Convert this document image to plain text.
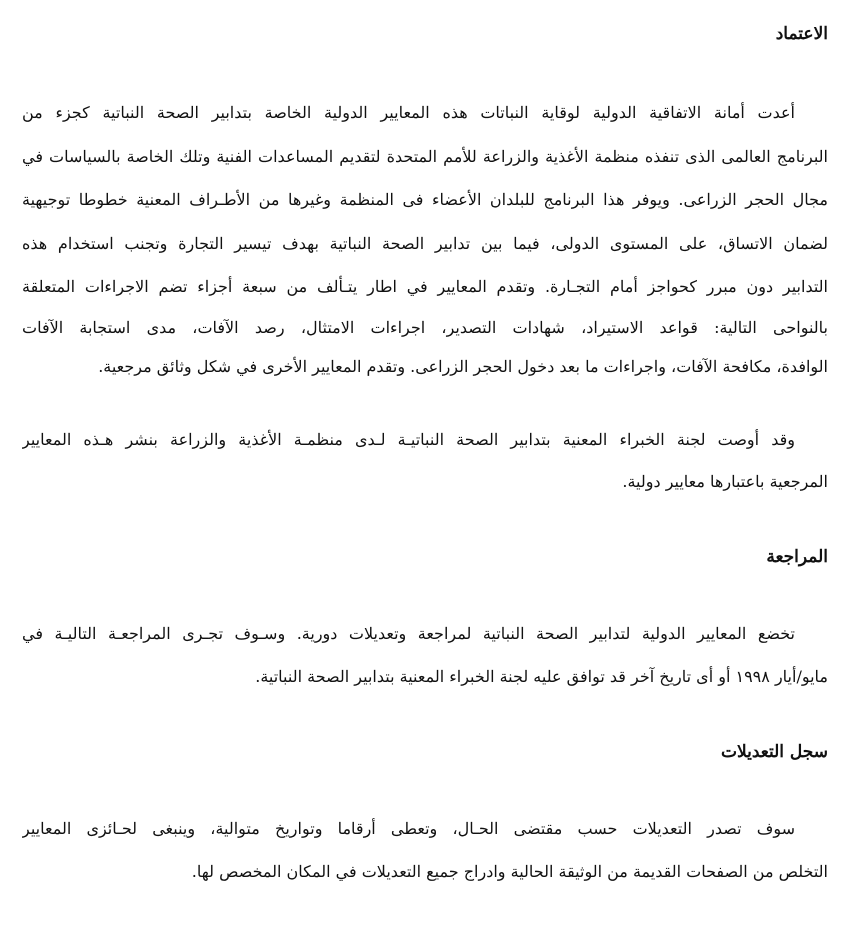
الاعتماد
أعدت أمانة الاتفاقية الدولية لوقاية النباتات هذه المعايير الدولية الخاصة بتدابير الصحة النباتية كجزء من
البرنامج العالمى الذى تنفذه منظمة الأغذية والزراعة للأمم المتحدة لتقديم المساعدات الفنية وتلك الخاصة بالسياسات في
مجال الحجر الزراعى. ويوفر هذا البرنامج للبلدان الأعضاء فى المنظمة وغيرها من الأطـراف المعنية خطوطا توجيهية
لضمان الاتساق، على المستوى الدولى، فيما بين تدابير الصحة النباتية بهدف تيسير التجارة وتجنب استخدام هذه
التدابير دون مبرر كحواجز أمام التجـارة. وتقدم المعايير في اطار يتـألف من سبعة أجزاء تضم الاجراءات المتعلقة
بالنواحى التالية: قواعد الاستيراد، شهادات التصدير، اجراءات الامتثال، رصد الآفات، مدى استجابة الآفات
الوافدة، مكافحة الآفات، واجراءات ما بعد دخول الحجر الزراعى. وتقدم المعايير الأخرى في شكل وثائق مرجعية.
وقد أوصت لجنة الخبراء المعنية بتدابير الصحة النباتيـة لـدى منظمـة الأغذية والزراعة بنشر هـذه المعايير
المرجعية باعتبارها معايير دولية.
المراجعة
تخضع المعايير الدولية لتدابير الصحة النباتية لمراجعة وتعديلات دورية. وسـوف تجـرى المراجعـة التاليـة في
مايو/أيار ١٩٩٨ أو أى تاريخ آخر قد توافق عليه لجنة الخبراء المعنية بتدابير الصحة النباتية.
سجل التعديلات
سوف تصدر التعديلات حسب مقتضى الحـال، وتعطى أرقاما وتواريخ متوالية، وينبغى لحـائزى المعايير
التخلص من الصفحات القديمة من الوثيقة الحالية وادراج جميع التعديلات في المكان المخصص لها.
